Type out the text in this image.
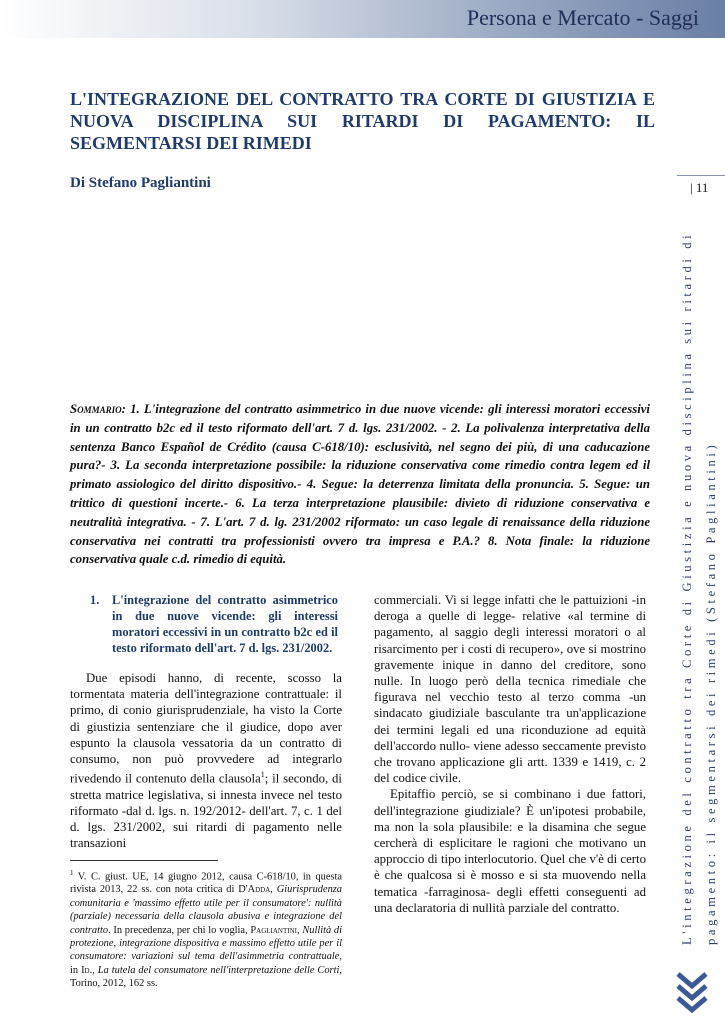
Persona e Mercato - Saggi
L'INTEGRAZIONE DEL CONTRATTO TRA CORTE DI GIUSTIZIA E NUOVA DISCIPLINA SUI RITARDI DI PAGAMENTO: IL SEGMENTARSI DEI RIMEDI
Di Stefano Pagliantini	| 11
Sommario: 1. L'integrazione del contratto asimmetrico in due nuove vicende: gli interessi moratori eccessivi in un contratto b2c ed il testo riformato dell'art. 7 d. lgs. 231/2002. - 2. La polivalenza interpretativa della sentenza Banco Español de Crédito (causa C-618/10): esclusività, nel segno dei più, di una caducazione pura?- 3. La seconda interpretazione possibile: la riduzione conservativa come rimedio contra legem ed il primato assiologico del diritto dispositivo.- 4. Segue: la deterrenza limitata della pronuncia. 5. Segue: un trittico di questioni incerte.- 6. La terza interpretazione plausibile: divieto di riduzione conservativa e neutralità integrativa. - 7. L'art. 7 d. lg. 231/2002 riformato: un caso legale di renaissance della riduzione conservativa nei contratti tra professionisti ovvero tra impresa e P.A.? 8. Nota finale: la riduzione conservativa quale c.d. rimedio di equità.
1.	L'integrazione del contratto asimmetrico in due nuove vicende: gli interessi moratori eccessivi in un contratto b2c ed il testo riformato dell'art. 7 d. lgs. 231/2002.

Due episodi hanno, di recente, scosso la tormentata materia dell'integrazione contrattuale: il primo, di conio giurisprudenziale, ha visto la Corte di giustizia sentenziare che il giudice, dopo aver espunto la clausola vessatoria da un contratto di consumo, non può provvedere ad integrarlo rivedendo il contenuto della clausola$^1$; il secondo, di stretta matrice legislativa, si innesta invece nel testo riformato -dal d. lgs. n. 192/2012- dell'art. 7, c. 1 del d. lgs. 231/2002, sui ritardi di pagamento nelle transazioni

$^1$ V. C. giust. UE, 14 giugno 2012, causa C-618/10, in questa rivista 2013, 22 ss. con nota critica di D'Adda, Giurisprudenza comunitaria e 'massimo effetto utile per il consumatore': nullità (parziale) necessaria della clausola abusiva e integrazione del contratto. In precedenza, per chi lo voglia, Pagliantini, Nullità di protezione, integrazione dispositiva e massimo effetto utile per il consumatore: variazioni sul tema dell'asimmetria contrattuale, in Id., La tutela del consumatore nell'interpretazione delle Corti, Torino, 2012, 162 ss.

commerciali. Vi si legge infatti che le pattuizioni -in deroga a quelle di legge- relative «al termine di pagamento, al saggio degli interessi moratori o al risarcimento per i costi di recupero», ove si mostrino gravemente inique in danno del creditore, sono nulle. In luogo però della tecnica rimediale che figurava nel vecchio testo al terzo comma -un sindacato giudiziale basculante tra un'applicazione dei termini legali ed una riconduzione ad equità dell'accordo nullo- viene adesso seccamente previsto che trovano applicazione gli artt. 1339 e 1419, c. 2 del codice civile.

Epitaffio perciò, se si combinano i due fattori, dell'integrazione giudiziale? È un'ipotesi probabile, ma non la sola plausibile: e la disamina che segue cercherà di esplicitare le ragioni che motivano un approccio di tipo interlocutorio. Quel che v'è di certo è che qualcosa si è mosso e si sta muovendo nella tematica -farraginosa- degli effetti conseguenti ad una declaratoria di nullità parziale del contratto.	L'integrazione del contratto tra Corte di Giustizia e nuova disciplina sui ritardi di pagamento: il segmentarsi dei rimedi (Stefano Pagliantini)
